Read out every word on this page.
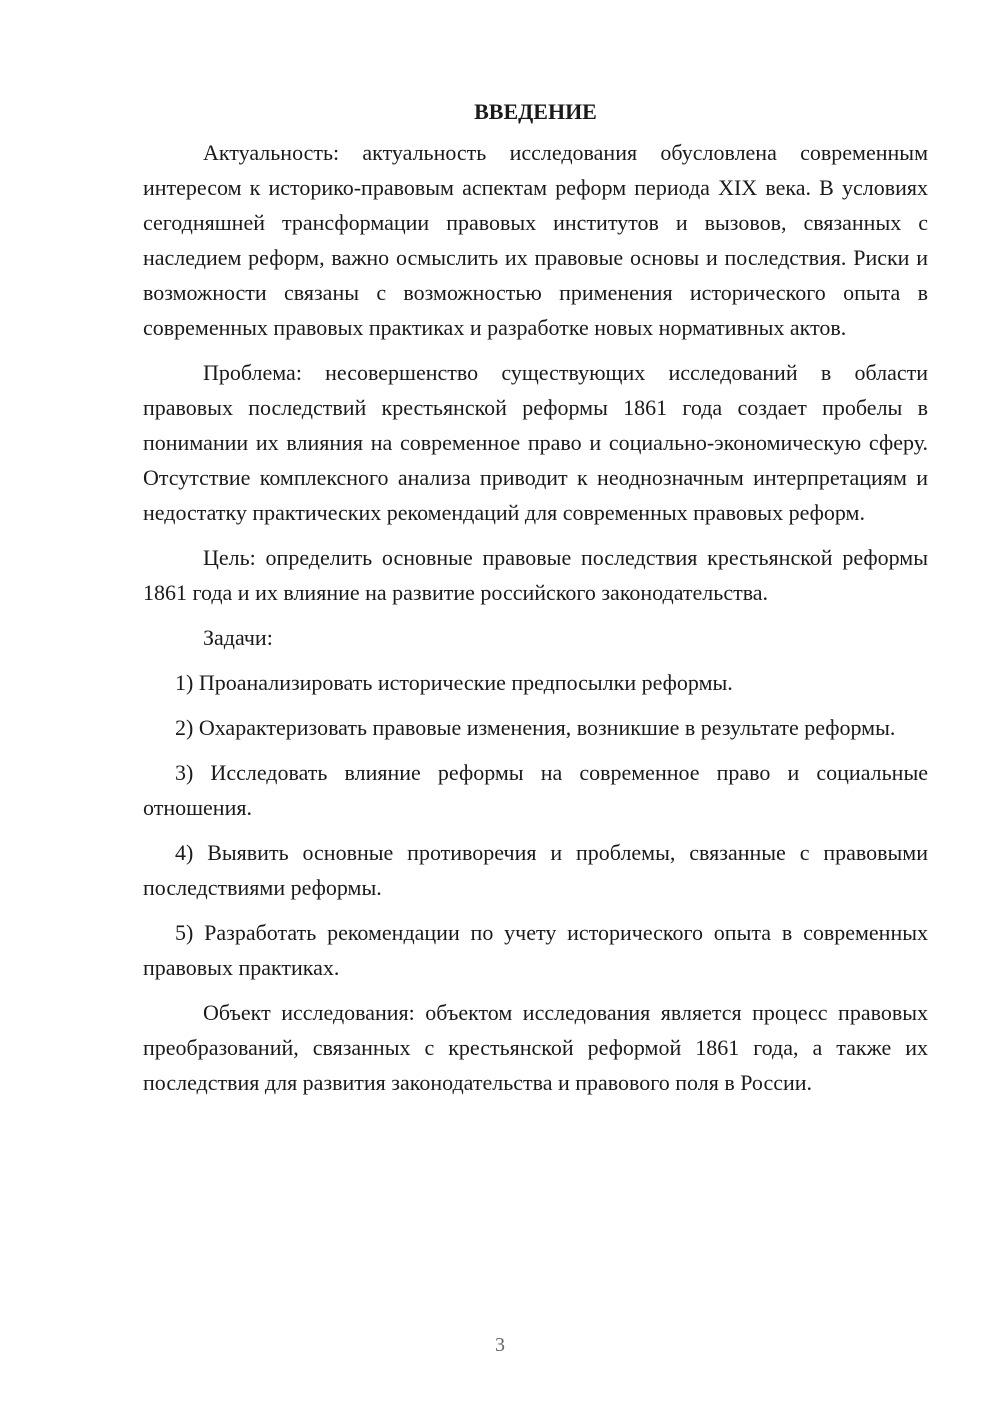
ВВЕДЕНИЕ

Актуальность: актуальность исследования обусловлена современным интересом к историко-правовым аспектам реформ периода XIX века. В условиях сегодняшней трансформации правовых институтов и вызовов, связанных с наследием реформ, важно осмыслить их правовые основы и последствия. Риски и возможности связаны с возможностью применения исторического опыта в современных правовых практиках и разработке новых нормативных актов.

Проблема: несовершенство существующих исследований в области правовых последствий крестьянской реформы 1861 года создает пробелы в понимании их влияния на современное право и социально-экономическую сферу. Отсутствие комплексного анализа приводит к неоднозначным интерпретациям и недостатку практических рекомендаций для современных правовых реформ.

Цель: определить основные правовые последствия крестьянской реформы 1861 года и их влияние на развитие российского законодательства.

Задачи:

1) Проанализировать исторические предпосылки реформы.

2) Охарактеризовать правовые изменения, возникшие в результате реформы.

3) Исследовать влияние реформы на современное право и социальные отношения.

4) Выявить основные противоречия и проблемы, связанные с правовыми последствиями реформы.

5) Разработать рекомендации по учету исторического опыта в современных правовых практиках.

Объект исследования: объектом исследования является процесс правовых преобразований, связанных с крестьянской реформой 1861 года, а также их последствия для развития законодательства и правового поля в России.

3
